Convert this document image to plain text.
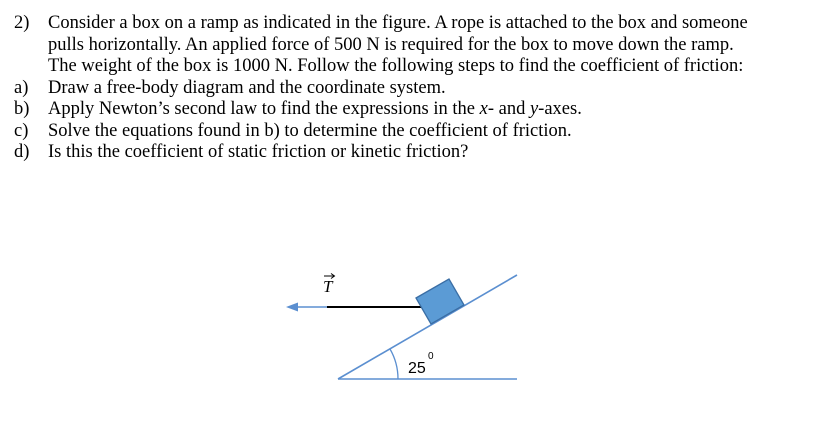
2)	Consider a box on a ramp as indicated in the figure. A rope is attached to the box and someone
pulls horizontally. An applied force of 500 N is required for the box to move down the ramp.
The weight of the box is 1000 N. Follow the following steps to find the coefficient of friction:
a)	Draw a free-body diagram and the coordinate system.
b)	Apply Newton’s second law to find the expressions in the x- and y-axes.
c)	Solve the equations found in b) to determine the coefficient of friction.
d)	Is this the coefficient of static friction or kinetic friction?
T
25
0
